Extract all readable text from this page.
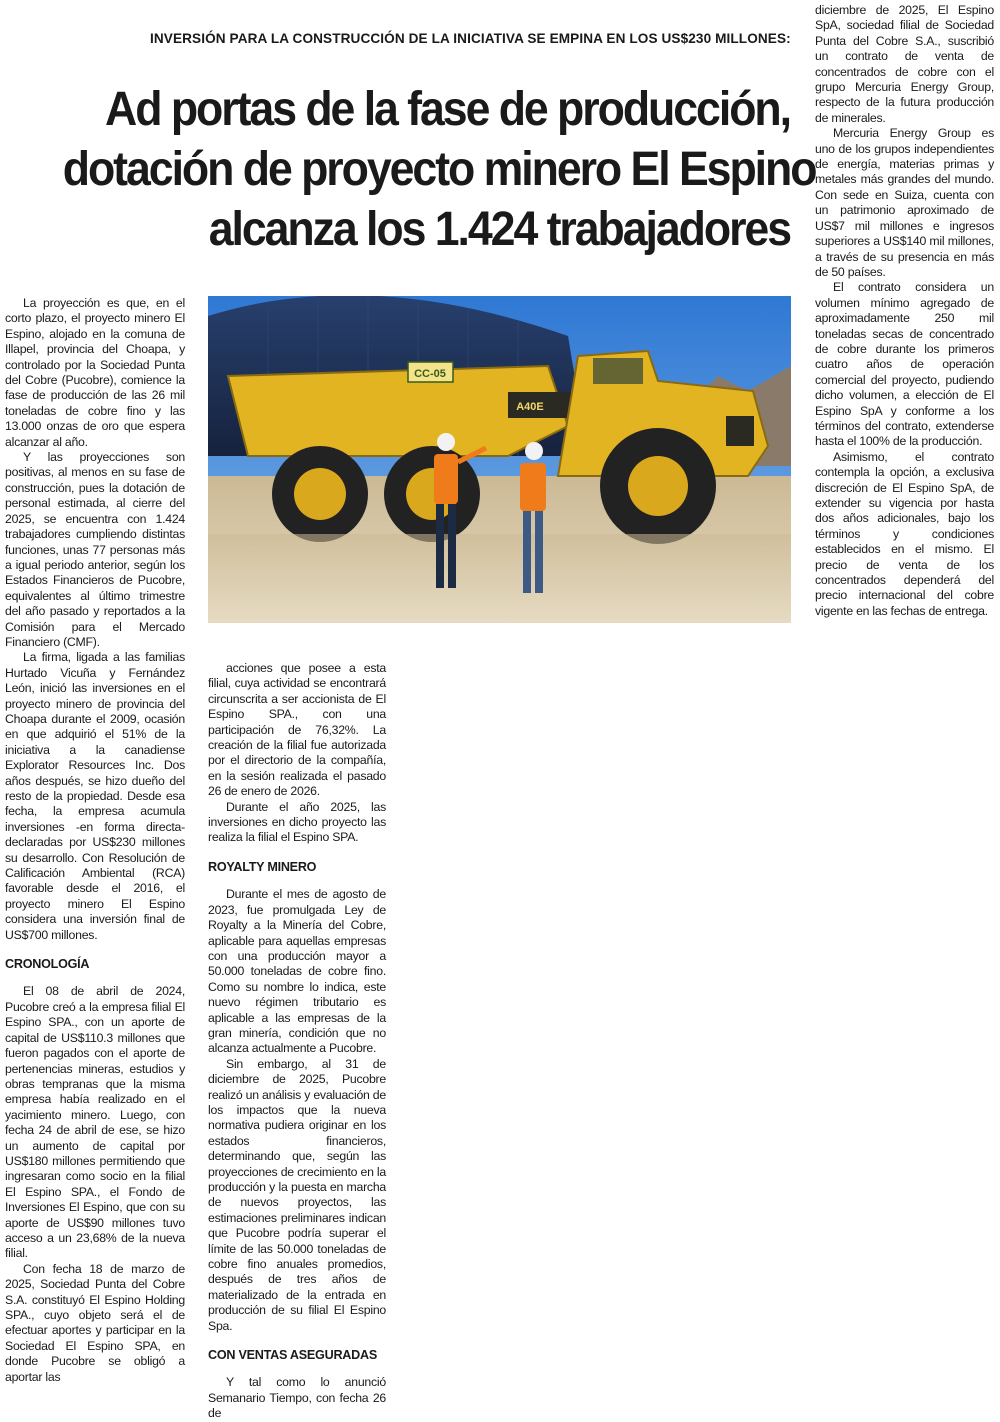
INVERSIÓN PARA LA CONSTRUCCIÓN DE LA INICIATIVA SE EMPINA EN LOS US$230 MILLONES:
Ad portas de la fase de producción,
dotación de proyecto minero El Espino
alcanza los 1.424 trabajadores

La proyección es que, en el corto plazo, el proyecto minero El Espino, alojado en la comuna de Illapel, provincia del Choapa, y controlado por la Sociedad Punta del Cobre (Pucobre), comience la fase de producción de las 26 mil toneladas de cobre fino y las 13.000 onzas de oro que espera alcanzar al año.

Y las proyecciones son positivas, al menos en su fase de construcción, pues la dotación de personal estimada, al cierre del 2025, se encuentra con 1.424 trabajadores cumpliendo distintas funciones, unas 77 personas más a igual periodo anterior, según los Estados Financieros de Pucobre, equivalentes al último trimestre del año pasado y reportados a la Comisión para el Mercado Financiero (CMF).

La firma, ligada a las familias Hurtado Vicuña y Fernández León, inició las inversiones en el proyecto minero de provincia del Choapa durante el 2009, ocasión en que adquirió el 51% de la iniciativa a la canadiense Explorator Resources Inc. Dos años después, se hizo dueño del resto de la propiedad. Desde esa fecha, la empresa acumula inversiones -en forma directa- declaradas por US$230 millones su desarrollo. Con Resolución de Calificación Ambiental (RCA) favorable desde el 2016, el proyecto minero El Espino considera una inversión final de US$700 millones.

CRONOLOGÍA

El 08 de abril de 2024, Pucobre creó a la empresa filial El Espino SPA., con un aporte de capital de US$110.3 millones que fueron pagados con el aporte de pertenencias mineras, estudios y obras tempranas que la misma empresa había realizado en el yacimiento minero. Luego, con fecha 24 de abril de ese, se hizo un aumento de capital por US$180 millones permitiendo que ingresaran como socio en la filial El Espino SPA., el Fondo de Inversiones El Espino, que con su aporte de US$90 millones tuvo acceso a un 23,68% de la nueva filial.

Con fecha 18 de marzo de 2025, Sociedad Punta del Cobre S.A. constituyó El Espino Holding SPA., cuyo objeto será el de efectuar aportes y participar en la Sociedad El Espino SPA, en donde Pucobre se obligó a aportar las

CC-05
A40E

acciones que posee a esta filial, cuya actividad se encontrará circunscrita a ser accionista de El Espino SPA., con una participación de 76,32%. La creación de la filial fue autorizada por el directorio de la compañía, en la sesión realizada el pasado 26 de enero de 2026.

Durante el año 2025, las inversiones en dicho proyecto las realiza la filial el Espino SPA.

ROYALTY MINERO

Durante el mes de agosto de 2023, fue promulgada Ley de Royalty a la Minería del Cobre, aplicable para aquellas empresas con una producción mayor a 50.000 toneladas de cobre fino. Como su nombre lo indica, este nuevo régimen tributario es aplicable a las empresas de la gran minería, condición que no alcanza actualmente a Pucobre.

Sin embargo, al 31 de diciembre de 2025, Pucobre realizó un análisis y evaluación de los impactos que la nueva normativa pudiera originar en los estados financieros, determinando que, según las proyecciones de crecimiento en la producción y la puesta en marcha de nuevos proyectos, las estimaciones preliminares indican que Pucobre podría superar el límite de las 50.000 toneladas de cobre fino anuales promedios, después de tres años de materializado de la entrada en producción de su filial El Espino Spa.

CON VENTAS ASEGURADAS

Y tal como lo anunció Semanario Tiempo, con fecha 26 de

diciembre de 2025, El Espino SpA, sociedad filial de Sociedad Punta del Cobre S.A., suscribió un contrato de venta de concentrados de cobre con el grupo Mercuria Energy Group, respecto de la futura producción de minerales.

Mercuria Energy Group es uno de los grupos independientes de energía, materias primas y metales más grandes del mundo. Con sede en Suiza, cuenta con un patrimonio aproximado de US$7 mil millones e ingresos superiores a US$140 mil millones, a través de su presencia en más de 50 países.

El contrato considera un volumen mínimo agregado de aproximadamente 250 mil toneladas secas de concentrado de cobre durante los primeros cuatro años de operación comercial del proyecto, pudiendo dicho volumen, a elección de El Espino SpA y conforme a los términos del contrato, extenderse hasta el 100% de la producción.

Asimismo, el contrato contempla la opción, a exclusiva discreción de El Espino SpA, de extender su vigencia por hasta dos años adicionales, bajo los términos y condiciones establecidos en el mismo. El precio de venta de los concentrados dependerá del precio internacional del cobre vigente en las fechas de entrega.
